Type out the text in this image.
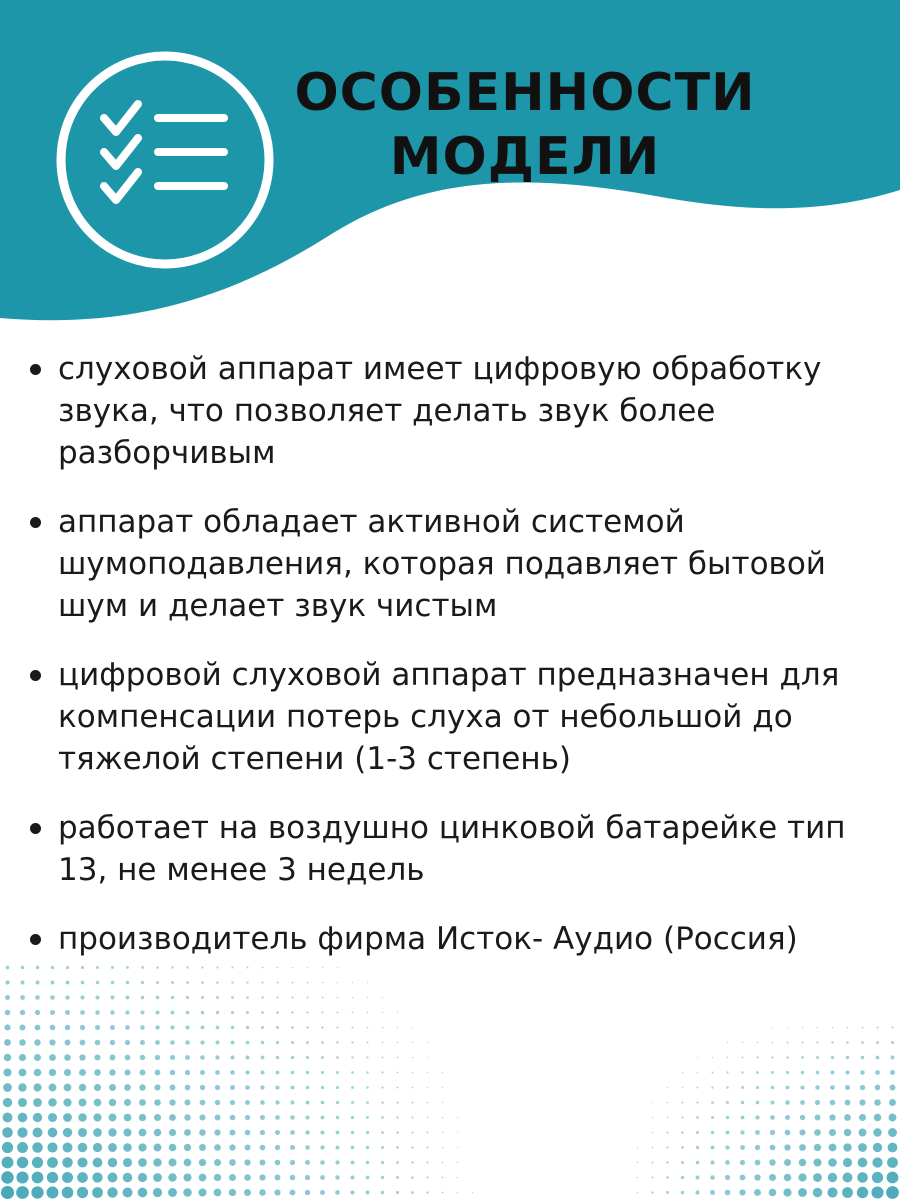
ОСОБЕННОСТИ
МОДЕЛИ
слуховой аппарат имеет цифровую обработку звука, что позволяет делать звук более разборчивым
аппарат обладает активной системой шумоподавления, которая подавляет бытовой шум и делает звук чистым
цифровой слуховой аппарат предназначен для компенсации потерь слуха от небольшой до тяжелой степени (1-3 степень)
работает на воздушно цинковой батарейке тип 13, не менее 3 недель
производитель фирма Исток- Аудио (Россия)
